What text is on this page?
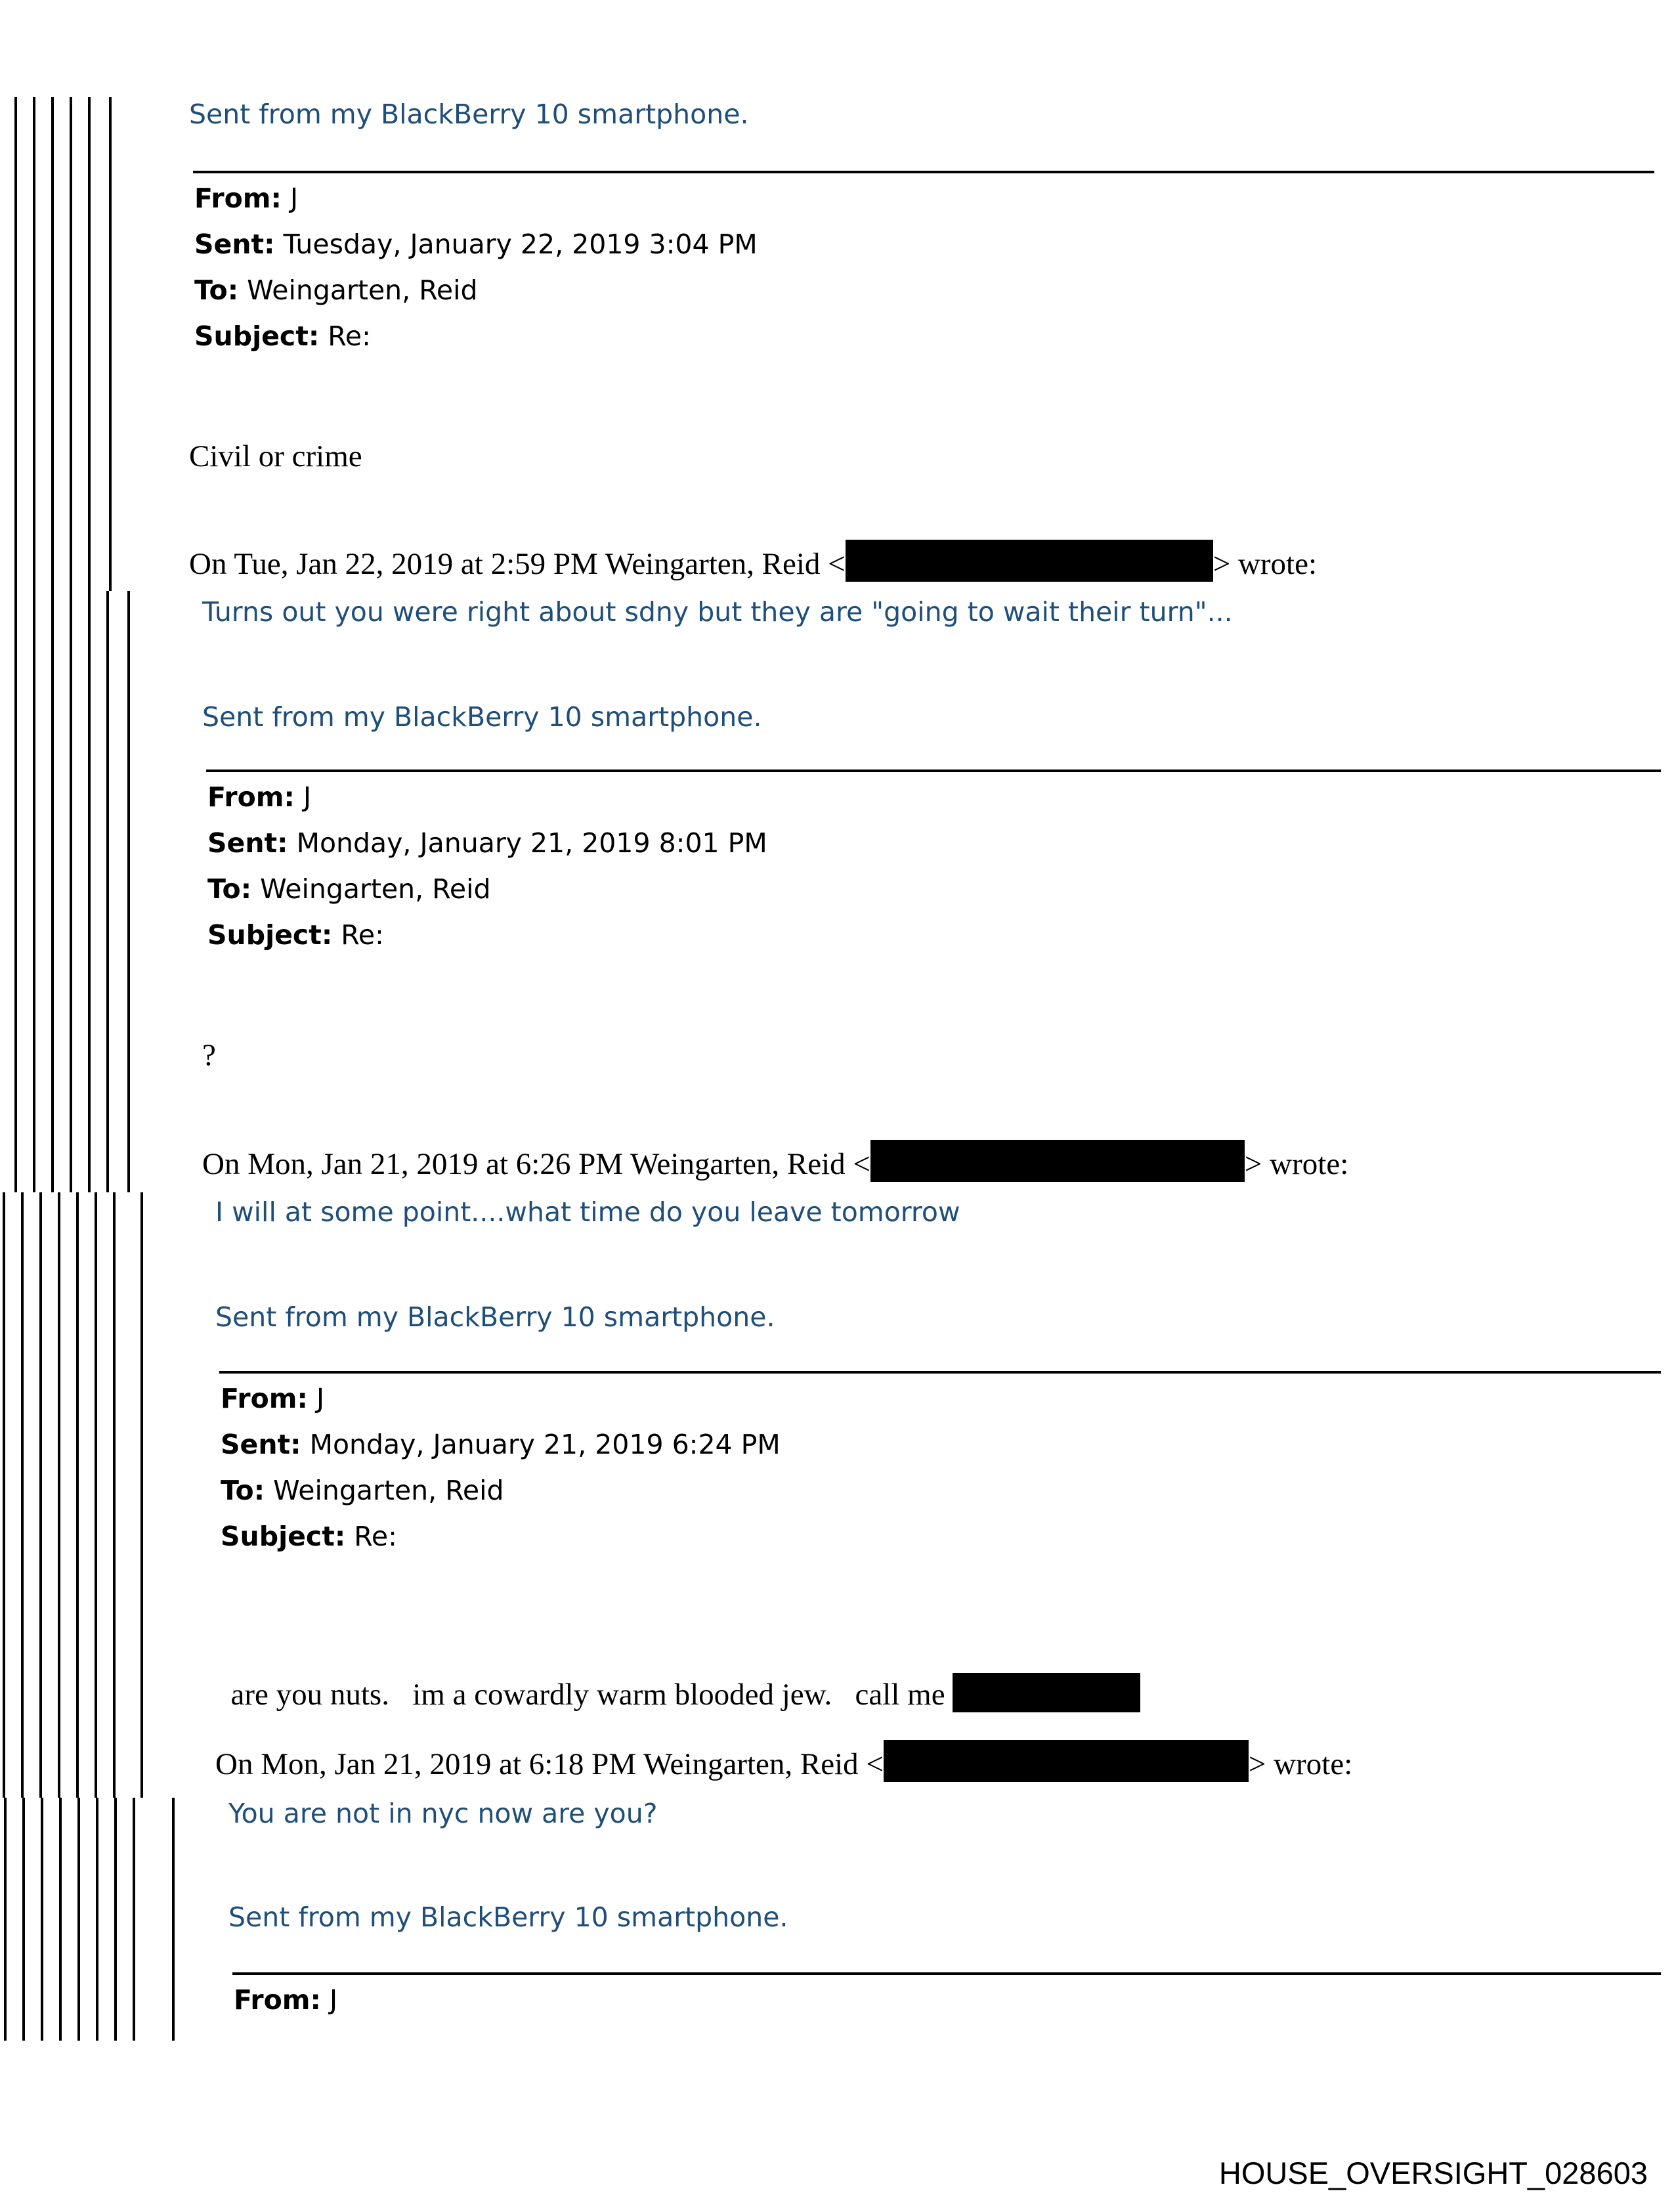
Sent from my BlackBerry 10 smartphone.
From: J
Sent: Tuesday, January 22, 2019 3:04 PM
To: Weingarten, Reid
Subject: Re:
Civil or crime
On Tue, Jan 22, 2019 at 2:59 PM Weingarten, Reid <	> wrote:
Turns out you were right about sdny but they are "going to wait their turn"...
Sent from my BlackBerry 10 smartphone.
From: J
Sent: Monday, January 21, 2019 8:01 PM
To: Weingarten, Reid
Subject: Re:
?
On Mon, Jan 21, 2019 at 6:26 PM Weingarten, Reid <	> wrote:
I will at some point....what time do you leave tomorrow
Sent from my BlackBerry 10 smartphone.
From: J
Sent: Monday, January 21, 2019 6:24 PM
To: Weingarten, Reid
Subject: Re:

are you nuts.   im a cowardly warm blooded jew.   call me

On Mon, Jan 21, 2019 at 6:18 PM Weingarten, Reid <	> wrote:
You are not in nyc now are you?
Sent from my BlackBerry 10 smartphone.
From: J
HOUSE_OVERSIGHT_028603
